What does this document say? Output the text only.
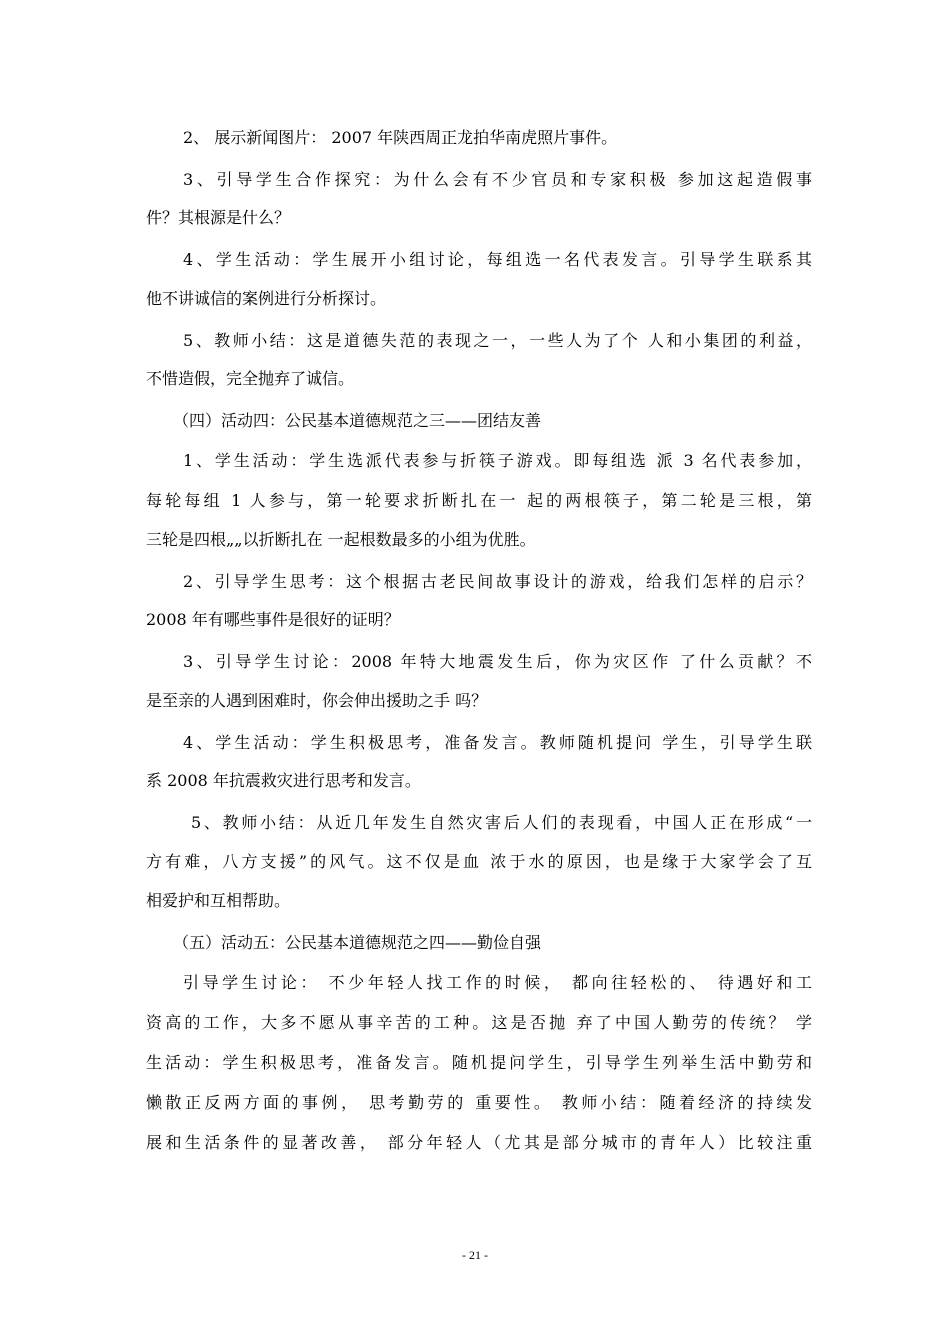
2、 展示新闻图片： 2007 年陕西周正龙拍华南虎照片事件。
3、引导学生合作探究：为什么会有不少官员和专家积极 参加这起造假事
件？其根源是什么？
4、学生活动：学生展开小组讨论，每组选一名代表发言。引导学生联系其
他不讲诚信的案例进行分析探讨。
5、教师小结：这是道德失范的表现之一，一些人为了个 人和小集团的利益，
不惜造假，完全抛弃了诚信。
（四）活动四：公民基本道德规范之三——团结友善
1、学生活动：学生选派代表参与折筷子游戏。即每组选 派 3 名代表参加，
每轮每组 1 人参与，第一轮要求折断扎在一 起的两根筷子，第二轮是三根，第
三轮是四根„„以折断扎在 一起根数最多的小组为优胜。
2、引导学生思考：这个根据古老民间故事设计的游戏，给我们怎样的启示？
2008 年有哪些事件是很好的证明？
3、引导学生讨论：2008 年特大地震发生后，你为灾区作 了什么贡献？不
是至亲的人遇到困难时，你会伸出援助之手 吗？
4、学生活动：学生积极思考，准备发言。教师随机提问 学生，引导学生联
系 2008 年抗震救灾进行思考和发言。
5、教师小结：从近几年发生自然灾害后人们的表现看，中国人正在形成“一
方有难，八方支援”的风气。这不仅是血 浓于水的原因，也是缘于大家学会了互
相爱护和互相帮助。
（五）活动五：公民基本道德规范之四——勤俭自强
引导学生讨论： 不少年轻人找工作的时候， 都向往轻松的、 待遇好和工
资高的工作，大多不愿从事辛苦的工种。这是否抛 弃了中国人勤劳的传统？ 学
生活动：学生积极思考，准备发言。随机提问学生，引导学生列举生活中勤劳和
懒散正反两方面的事例， 思考勤劳的 重要性。 教师小结：随着经济的持续发
展和生活条件的显著改善， 部分年轻人（尤其是部分城市的青年人）比较注重
- 21 -
